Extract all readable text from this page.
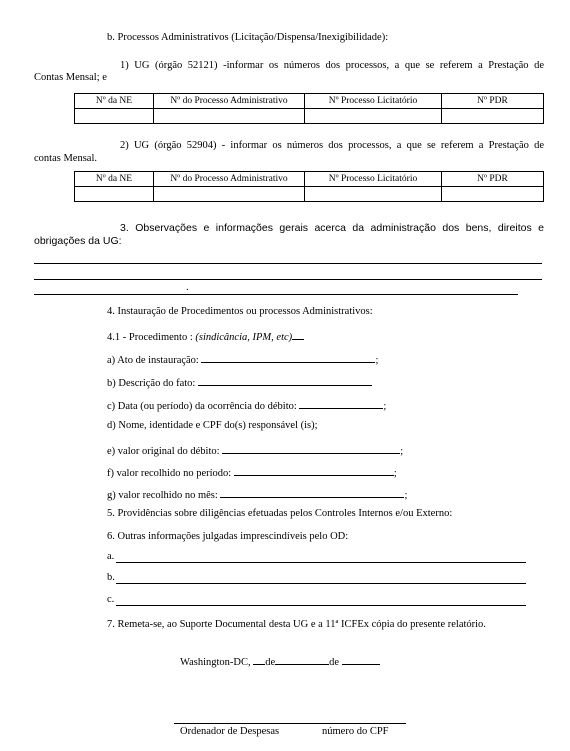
b. Processos Administrativos (Licitação/Dispensa/Inexigibilidade):
1) UG (órgão 52121) -informar os números dos processos, a que se referem a Prestação de
Contas Mensal; e
Nº da NE	Nº do Processo Administrativo	Nº Processo Licitatório	Nº PDR

2) UG (órgão 52904) - informar os números dos processos, a que se referem a Prestação de
contas Mensal.
Nº da NE	Nº do Processo Administrativo	Nº Processo Licitatório	Nº PDR

3. Observações e informações gerais acerca da administração dos bens, direitos e
obrigações da UG:
.
4. Instauração de Procedimentos ou processos Administrativos:
4.1 - Procedimento : (sindicância, IPM, etc)
a) Ato de instauração:	;
b) Descrição do fato:
c) Data (ou período) da ocorrência do débito:	;
d) Nome, identidade e CPF do(s) responsável (is);
e) valor original do débito:	;
f) valor recolhido no período:	;
g) valor recolhido no mês:	;
5. Providências sobre diligências efetuadas pelos Controles Internos e/ou Externo:
6. Outras informações julgadas imprescindíveis pelo OD:
a.
b.
c.
7. Remeta-se, ao Suporte Documental desta UG e a 11ª ICFEx cópia do presente relatório.
Washington-DC, de	de
Ordenador de Despesas	número do CPF
